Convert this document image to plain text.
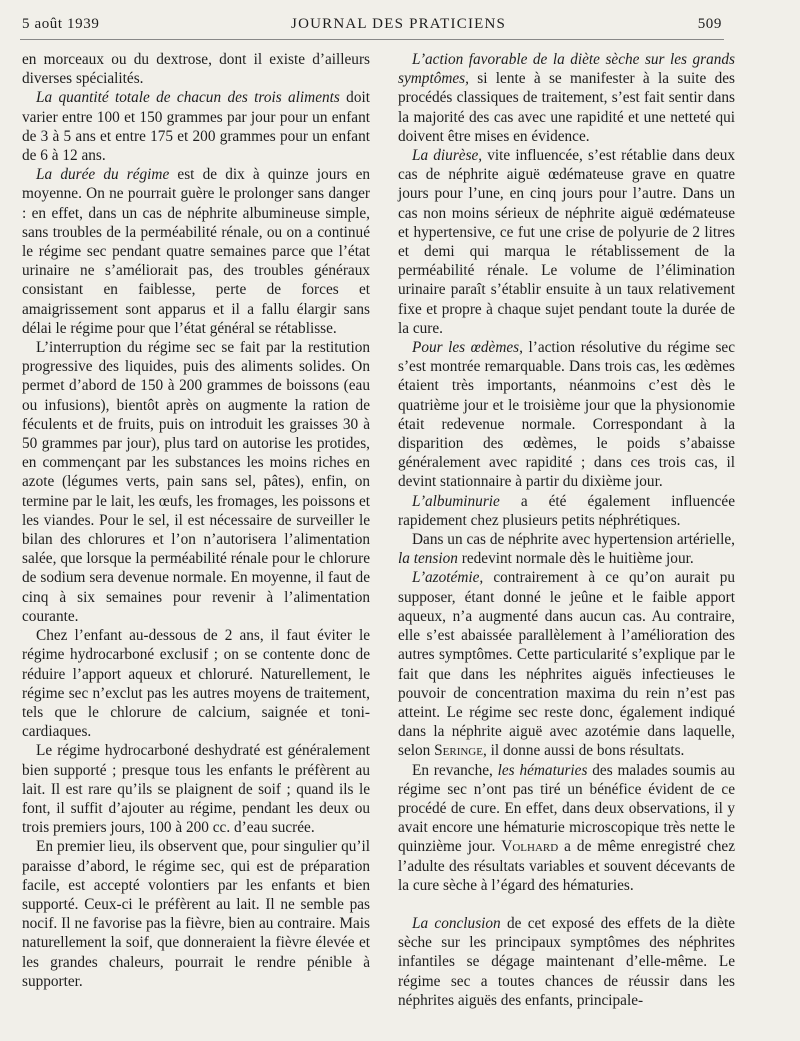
5 août 1939	JOURNAL DES PRATICIENS	509

en morceaux ou du dextrose, dont il existe d’ailleurs diverses spécialités.

La quantité totale de chacun des trois aliments doit varier entre 100 et 150 grammes par jour pour un enfant de 3 à 5 ans et entre 175 et 200 grammes pour un enfant de 6 à 12 ans.

La durée du régime est de dix à quinze jours en moyenne. On ne pourrait guère le prolonger sans danger : en effet, dans un cas de néphrite albumineuse simple, sans troubles de la perméabilité rénale, ou on a continué le régime sec pendant quatre semaines parce que l’état urinaire ne s’améliorait pas, des troubles généraux consistant en faiblesse, perte de forces et amaigrissement sont apparus et il a fallu élargir sans délai le régime pour que l’état général se rétablisse.

L’interruption du régime sec se fait par la restitution progressive des liquides, puis des aliments solides. On permet d’abord de 150 à 200 grammes de boissons (eau ou infusions), bientôt après on augmente la ration de féculents et de fruits, puis on introduit les graisses 30 à 50 grammes par jour), plus tard on autorise les protides, en commençant par les substances les moins riches en azote (légumes verts, pain sans sel, pâtes), enfin, on termine par le lait, les œufs, les fromages, les poissons et les viandes. Pour le sel, il est nécessaire de surveiller le bilan des chlorures et l’on n’autorisera l’alimentation salée, que lorsque la perméabilité rénale pour le chlorure de sodium sera devenue normale. En moyenne, il faut de cinq à six semaines pour revenir à l’alimentation courante.

Chez l’enfant au-dessous de 2 ans, il faut éviter le régime hydrocarboné exclusif ; on se contente donc de réduire l’apport aqueux et chloruré. Naturellement, le régime sec n’exclut pas les autres moyens de traitement, tels que le chlorure de calcium, saignée et toni-cardiaques.

Le régime hydrocarboné deshydraté est généralement bien supporté ; presque tous les enfants le préfèrent au lait. Il est rare qu’ils se plaignent de soif ; quand ils le font, il suffit d’ajouter au régime, pendant les deux ou trois premiers jours, 100 à 200 cc. d’eau sucrée.

En premier lieu, ils observent que, pour singulier qu’il paraisse d’abord, le régime sec, qui est de préparation facile, est accepté volontiers par les enfants et bien supporté. Ceux-ci le préfèrent au lait. Il ne semble pas nocif. Il ne favorise pas la fièvre, bien au contraire. Mais naturellement la soif, que donneraient la fièvre élevée et les grandes chaleurs, pourrait le rendre pénible à supporter.

L’action favorable de la diète sèche sur les grands symptômes, si lente à se manifester à la suite des procédés classiques de traitement, s’est fait sentir dans la majorité des cas avec une rapidité et une netteté qui doivent être mises en évidence.

La diurèse, vite influencée, s’est rétablie dans deux cas de néphrite aiguë œdémateuse grave en quatre jours pour l’une, en cinq jours pour l’autre. Dans un cas non moins sérieux de néphrite aiguë œdémateuse et hypertensive, ce fut une crise de polyurie de 2 litres et demi qui marqua le rétablissement de la perméabilité rénale. Le volume de l’élimination urinaire paraît s’établir ensuite à un taux relativement fixe et propre à chaque sujet pendant toute la durée de la cure.

Pour les œdèmes, l’action résolutive du régime sec s’est montrée remarquable. Dans trois cas, les œdèmes étaient très importants, néanmoins c’est dès le quatrième jour et le troisième jour que la physionomie était redevenue normale. Correspondant à la disparition des œdèmes, le poids s’abaisse généralement avec rapidité ; dans ces trois cas, il devint stationnaire à partir du dixième jour.

L’albuminurie a été également influencée rapidement chez plusieurs petits néphrétiques.

Dans un cas de néphrite avec hypertension artérielle, la tension redevint normale dès le huitième jour.

L’azotémie, contrairement à ce qu’on aurait pu supposer, étant donné le jeûne et le faible apport aqueux, n’a augmenté dans aucun cas. Au contraire, elle s’est abaissée parallèlement à l’amélioration des autres symptômes. Cette particularité s’explique par le fait que dans les néphrites aiguës infectieuses le pouvoir de concentration maxima du rein n’est pas atteint. Le régime sec reste donc, également indiqué dans la néphrite aiguë avec azotémie dans laquelle, selon Seringe, il donne aussi de bons résultats.

En revanche, les hématuries des malades soumis au régime sec n’ont pas tiré un bénéfice évident de ce procédé de cure. En effet, dans deux observations, il y avait encore une hématurie microscopique très nette le quinzième jour. Volhard a de même enregistré chez l’adulte des résultats variables et souvent décevants de la cure sèche à l’égard des hématuries.

La conclusion de cet exposé des effets de la diète sèche sur les principaux symptômes des néphrites infantiles se dégage maintenant d’elle-même. Le régime sec a toutes chances de réussir dans les néphrites aiguës des enfants, principale-
